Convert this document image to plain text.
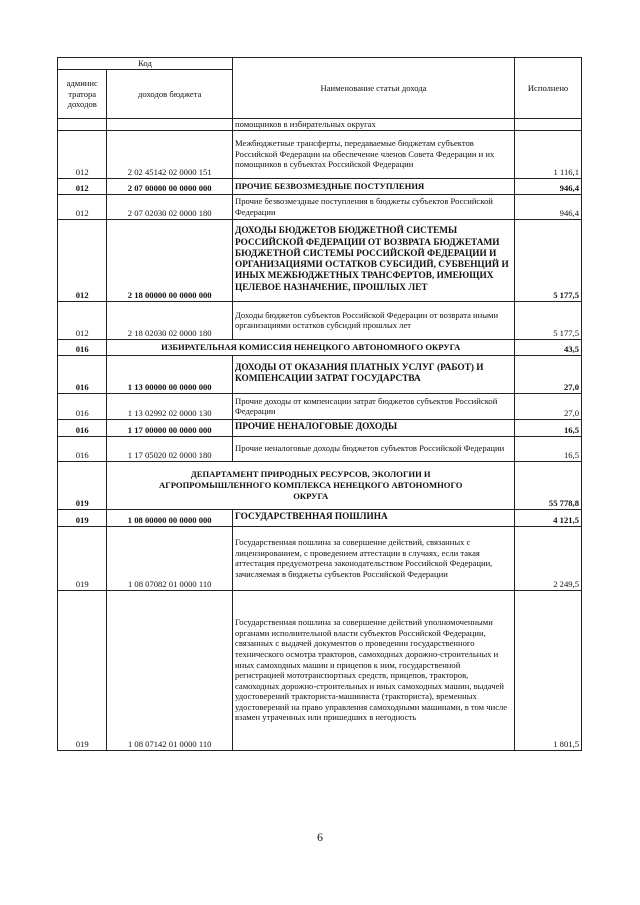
Код		Наименование статьи дохода	Исполнено
админис тратора доходов	доходов бюджета		
		помощников в избирательных округах	
012	2 02 45142 02 0000 151	Межбюджетные трансферты, передаваемые бюджетам субъектов Российской Федерации на обеспечение членов Совета Федерации и их помощников в субъектах Российской Федерации	1 116,1
012	2 07 00000 00 0000 000	ПРОЧИЕ БЕЗВОЗМЕЗДНЫЕ ПОСТУПЛЕНИЯ	946,4
012	2 07 02030 02 0000 180	Прочие безвозмездные поступления в бюджеты субъектов Российской Федерации	946,4
012	2 18 00000 00 0000 000	ДОХОДЫ БЮДЖЕТОВ БЮДЖЕТНОЙ СИСТЕМЫ РОССИЙСКОЙ ФЕДЕРАЦИИ ОТ ВОЗВРАТА БЮДЖЕТАМИ БЮДЖЕТНОЙ СИСТЕМЫ РОССИЙСКОЙ ФЕДЕРАЦИИ И ОРГАНИЗАЦИЯМИ ОСТАТКОВ СУБСИДИЙ, СУБВЕНЦИЙ И ИНЫХ МЕЖБЮДЖЕТНЫХ ТРАНСФЕРТОВ, ИМЕЮЩИХ ЦЕЛЕВОЕ НАЗНАЧЕНИЕ, ПРОШЛЫХ ЛЕТ	5 177,5
012	2 18 02030 02 0000 180	Доходы бюджетов субъектов Российской Федерации от возврата иными организациями остатков субсидий прошлых лет	5 177,5
016	ИЗБИРАТЕЛЬНАЯ КОМИССИЯ НЕНЕЦКОГО АВТОНОМНОГО ОКРУГА		43,5
016	1 13 00000 00 0000 000	ДОХОДЫ ОТ ОКАЗАНИЯ ПЛАТНЫХ УСЛУГ (РАБОТ) И КОМПЕНСАЦИИ ЗАТРАТ ГОСУДАРСТВА	27,0
016	1 13 02992 02 0000 130	Прочие доходы от компенсации затрат бюджетов субъектов Российской Федерации	27,0
016	1 17 00000 00 0000 000	ПРОЧИЕ НЕНАЛОГОВЫЕ ДОХОДЫ	16,5
016	1 17 05020 02 0000 180	Прочие неналоговые доходы бюджетов субъектов Российской Федерации	16,5
019	ДЕПАРТАМЕНТ ПРИРОДНЫХ РЕСУРСОВ, ЭКОЛОГИИ И АГРОПРОМЫШЛЕННОГО КОМПЛЕКСА НЕНЕЦКОГО АВТОНОМНОГО ОКРУГА		55 778,8
019	1 08 00000 00 0000 000	ГОСУДАРСТВЕННАЯ ПОШЛИНА	4 121,5
019	1 08 07082 01 0000 110	Государственная пошлина за совершение действий, связанных с лицензированием, с проведением аттестации в случаях, если такая аттестация предусмотрена законодательством Российской Федерации, зачисляемая в бюджеты субъектов Российской Федерации	2 249,5
019	1 08 07142 01 0000 110	Государственная пошлина за совершение действий уполномоченными органами исполнительной власти субъектов Российской Федерации, связанных с выдачей документов о проведении государственного технического осмотра тракторов, самоходных дорожно-строительных и иных самоходных машин и прицепов к ним, государственной регистрацией мототранспортных средств, прицепов, тракторов, самоходных дорожно-строительных и иных самоходных машин, выдачей удостоверений тракториста-машиниста (тракториста), временных удостоверений на право управления самоходными машинами, в том числе взамен утраченных или пришедших в негодность	1 801,5
6
